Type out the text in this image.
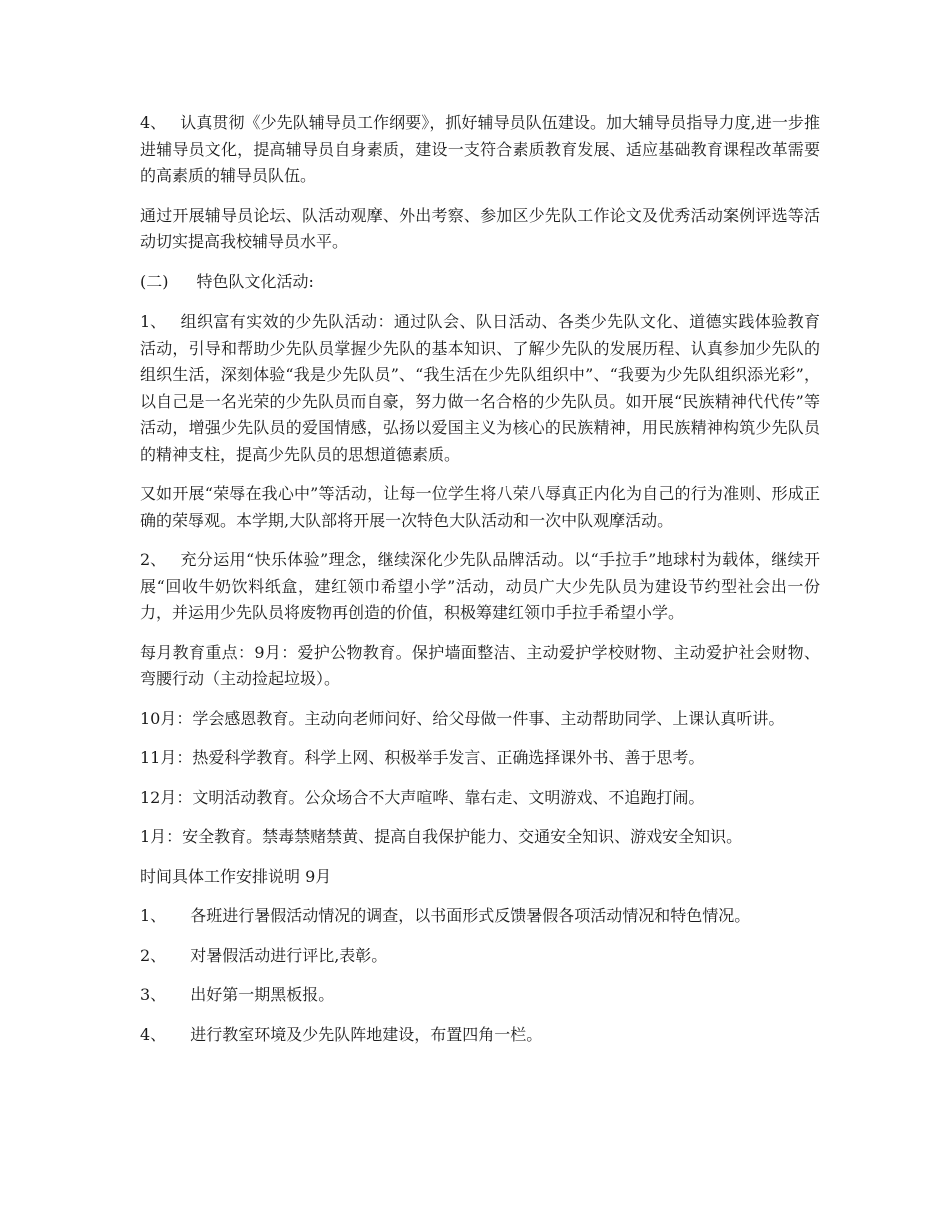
4、 认真贯彻《少先队辅导员工作纲要》，抓好辅导员队伍建设。加大辅导员指导力度,进一步推进辅导员文化，提高辅导员自身素质，建设一支符合素质教育发展、适应基础教育课程改革需要的高素质的辅导员队伍。

通过开展辅导员论坛、队活动观摩、外出考察、参加区少先队工作论文及优秀活动案例评选等活动切实提高我校辅导员水平。

(二) 特色队文化活动:

1、 组织富有实效的少先队活动：通过队会、队日活动、各类少先队文化、道德实践体验教育活动，引导和帮助少先队员掌握少先队的基本知识、了解少先队的发展历程、认真参加少先队的组织生活，深刻体验“我是少先队员”、“我生活在少先队组织中”、“我要为少先队组织添光彩”，以自己是一名光荣的少先队员而自豪，努力做一名合格的少先队员。如开展“民族精神代代传”等活动，增强少先队员的爱国情感，弘扬以爱国主义为核心的民族精神，用民族精神构筑少先队员的精神支柱，提高少先队员的思想道德素质。

又如开展“荣辱在我心中”等活动，让每一位学生将八荣八辱真正内化为自己的行为准则、形成正确的荣辱观。本学期,大队部将开展一次特色大队活动和一次中队观摩活动。

2、 充分运用“快乐体验”理念，继续深化少先队品牌活动。以“手拉手”地球村为载体，继续开展“回收牛奶饮料纸盒，建红领巾希望小学”活动，动员广大少先队员为建设节约型社会出一份力，并运用少先队员将废物再创造的价值，积极筹建红领巾手拉手希望小学。

每月教育重点：9月：爱护公物教育。保护墙面整洁、主动爱护学校财物、主动爱护社会财物、弯腰行动（主动捡起垃圾）。

10月：学会感恩教育。主动向老师问好、给父母做一件事、主动帮助同学、上课认真听讲。

11月：热爱科学教育。科学上网、积极举手发言、正确选择课外书、善于思考。

12月：文明活动教育。公众场合不大声喧哗、靠右走、文明游戏、不追跑打闹。

1月：安全教育。禁毒禁赌禁黄、提高自我保护能力、交通安全知识、游戏安全知识。

时间具体工作安排说明 9月

1、 各班进行暑假活动情况的调查，以书面形式反馈暑假各项活动情况和特色情况。

2、 对暑假活动进行评比,表彰。

3、 出好第一期黑板报。

4、 进行教室环境及少先队阵地建设，布置四角一栏。
